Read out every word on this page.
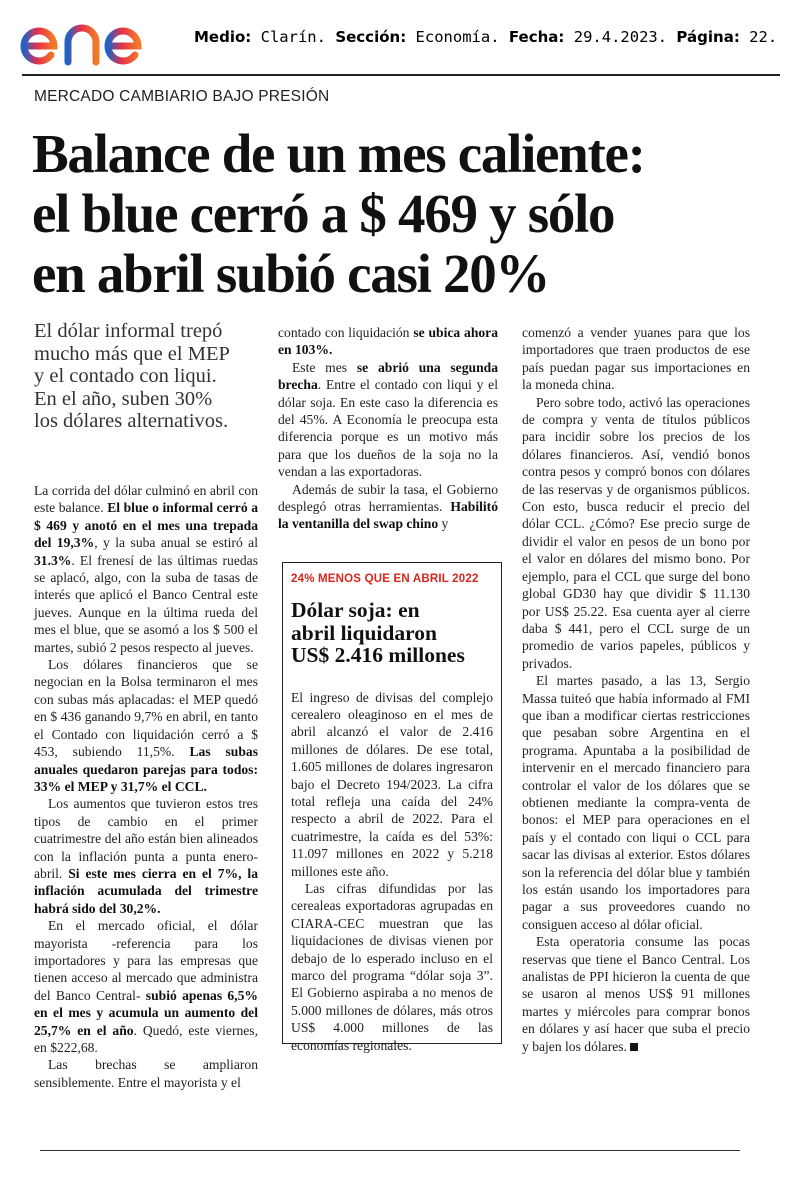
Medio: Clarín. Sección: Economía. Fecha: 29.4.2023. Página: 22.
MERCADO CAMBIARIO BAJO PRESIÓN
Balance de un mes caliente:
el blue cerró a $ 469 y sólo
en abril subió casi 20%
El dólar informal trepó
mucho más que el MEP
y el contado con liqui.
En el año, suben 30%
los dólares alternativos.

La corrida del dólar culminó en abril con este balance. El blue o informal cerró a $ 469 y anotó en el mes una trepada del 19,3%, y la suba anual se estiró al 31.3%. El frenesí de las últimas ruedas se aplacó, algo, con la suba de tasas de interés que aplicó el Banco Central este jueves. Aunque en la última rueda del mes el blue, que se asomó a los $ 500 el martes, subió 2 pesos respecto al jueves.

Los dólares financieros que se negocian en la Bolsa terminaron el mes con subas más aplacadas: el MEP quedó en $ 436 ganando 9,7% en abril, en tanto el Contado con liquidación cerró a $ 453, subiendo 11,5%. Las subas anuales quedaron parejas para todos: 33% el MEP y 31,7% el CCL.

Los aumentos que tuvieron estos tres tipos de cambio en el primer cuatrimestre del año están bien alineados con la inflación punta a punta enero-abril. Si este mes cierra en el 7%, la inflación acumulada del trimestre habrá sido del 30,2%.

En el mercado oficial, el dólar mayorista -referencia para los importadores y para las empresas que tienen acceso al mercado que administra del Banco Central- subió apenas 6,5% en el mes y acumula un aumento del 25,7% en el año. Quedó, este viernes, en $222,68.

Las brechas se ampliaron sensiblemente. Entre el mayorista y el

contado con liquidación se ubica ahora en 103%.

Este mes se abrió una segunda brecha. Entre el contado con liqui y el dólar soja. En este caso la diferencia es del 45%. A Economía le preocupa esta diferencia porque es un motivo más para que los dueños de la soja no la vendan a las exportadoras.

Además de subir la tasa, el Gobierno desplegó otras herramientas. Habilitó la ventanilla del swap chino y

24% MENOS QUE EN ABRIL 2022
Dólar soja: en
abril liquidaron
US$ 2.416 millones

El ingreso de divisas del complejo cerealero oleaginoso en el mes de abril alcanzó el valor de 2.416 millones de dólares. De ese total, 1.605 millones de dolares ingresaron bajo el Decreto 194/2023. La cifra total refleja una caída del 24% respecto a abril de 2022. Para el cuatrimestre, la caída es del 53%: 11.097 millones en 2022 y 5.218 millones este año.

Las cifras difundidas por las cerealeas exportadoras agrupadas en CIARA-CEC muestran que las liquidaciones de divisas vienen por debajo de lo esperado incluso en el marco del programa “dólar soja 3”. El Gobierno aspiraba a no menos de 5.000 millones de dólares, más otros US$ 4.000 millones de las economías regionales.

comenzó a vender yuanes para que los importadores que traen productos de ese país puedan pagar sus importaciones en la moneda china.

Pero sobre todo, activó las operaciones de compra y venta de títulos públicos para incidir sobre los precios de los dólares financieros. Así, vendió bonos contra pesos y compró bonos con dólares de las reservas y de organismos públicos. Con esto, busca reducir el precio del dólar CCL. ¿Cómo? Ese precio surge de dividir el valor en pesos de un bono por el valor en dólares del mismo bono. Por ejemplo, para el CCL que surge del bono global GD30 hay que dividir $ 11.130 por US$ 25.22. Esa cuenta ayer al cierre daba $ 441, pero el CCL surge de un promedio de varios papeles, públicos y privados.

El martes pasado, a las 13, Sergio Massa tuiteó que había informado al FMI que iban a modificar ciertas restricciones que pesaban sobre Argentina en el programa. Apuntaba a la posibilidad de intervenir en el mercado financiero para controlar el valor de los dólares que se obtienen mediante la compra-venta de bonos: el MEP para operaciones en el país y el contado con liqui o CCL para sacar las divisas al exterior. Estos dólares son la referencia del dólar blue y también los están usando los importadores para pagar a sus proveedores cuando no consiguen acceso al dólar oficial.

Esta operatoria consume las pocas reservas que tiene el Banco Central. Los analistas de PPI hicieron la cuenta de que se usaron al menos US$ 91 millones martes y miércoles para comprar bonos en dólares y así hacer que suba el precio y bajen los dólares.
